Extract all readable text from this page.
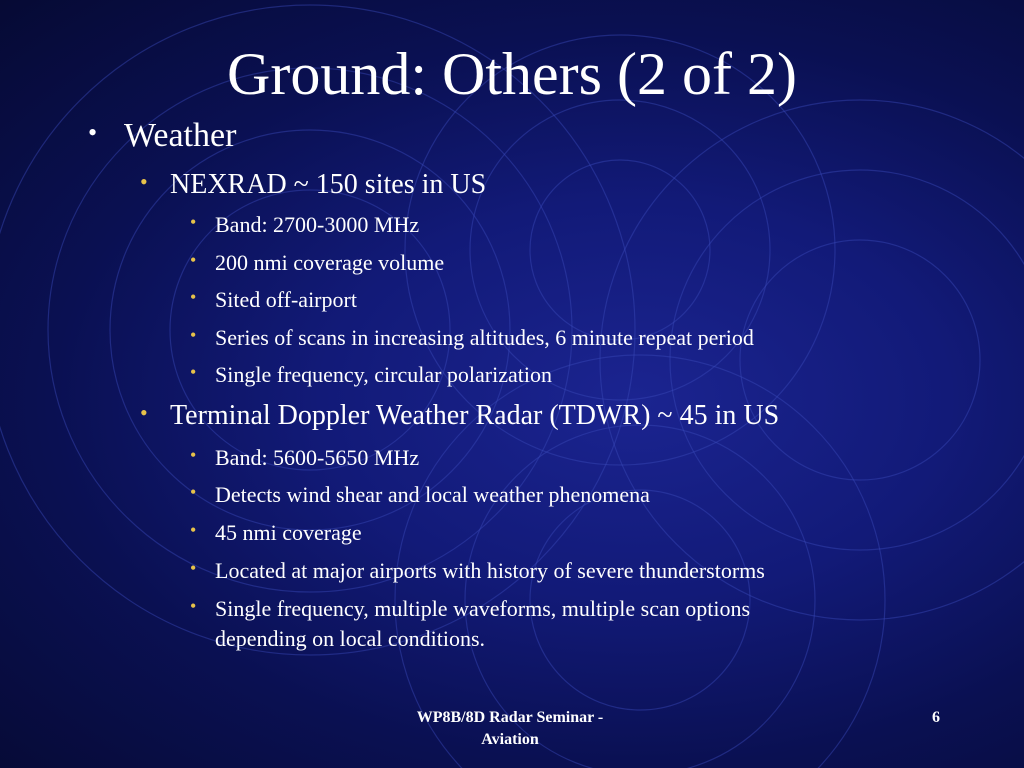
Ground: Others (2 of 2)
• Weather
• NEXRAD ~ 150 sites in US
• Band: 2700-3000 MHz
• 200 nmi coverage volume
• Sited off-airport
• Series of scans in increasing altitudes, 6 minute repeat period
• Single frequency, circular polarization
• Terminal Doppler Weather Radar (TDWR) ~ 45 in US
• Band: 5600-5650 MHz
• Detects wind shear and local weather phenomena
• 45 nmi coverage
• Located at major airports with history of severe thunderstorms
• Single frequency, multiple waveforms, multiple scan options
depending on local conditions.
WP8B/8D Radar Seminar -
Aviation
6
